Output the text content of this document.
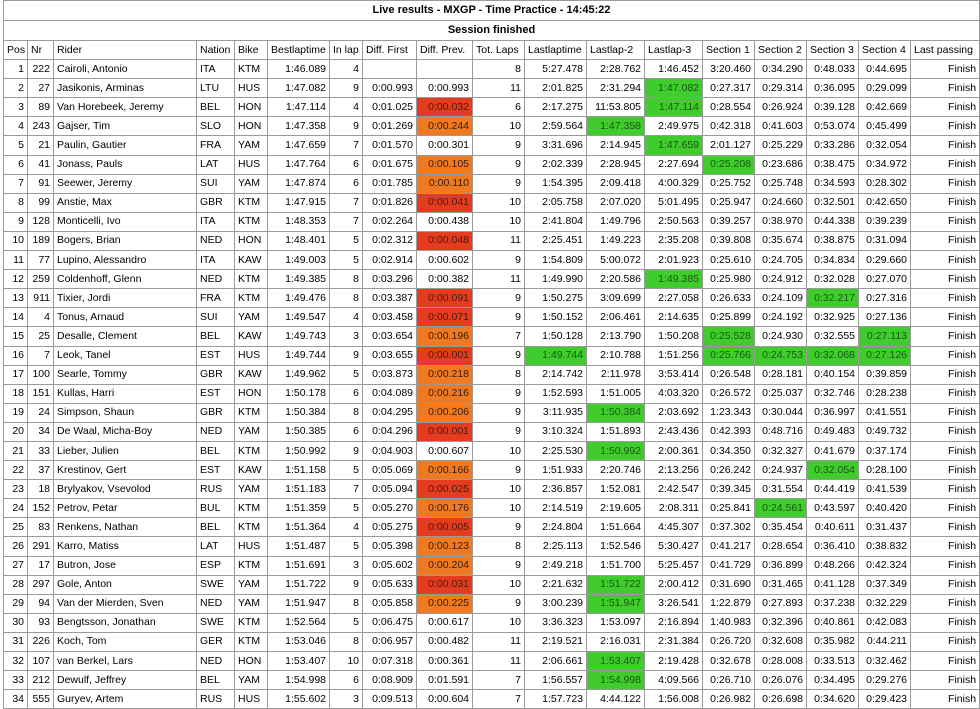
Live results - MXGP - Time Practice - 14:45:22																	
Session finished																	
Pos	Nr	Rider	Nation	Bike	Bestlaptime	In lap	Diff. First	Diff. Prev.	Tot. Laps	Lastlaptime	Lastlap-2	Lastlap-3	Section 1	Section 2	Section 3	Section 4	Last passing
1	222	Cairoli, Antonio	ITA	KTM	1:46.089	4			8	5:27.478	2:28.762	1:46.452	3:20.460	0:34.290	0:48.033	0:44.695	Finish
2	27	Jasikonis, Arminas	LTU	HUS	1:47.082	9	0:00.993	0:00.993	11	2:01.825	2:31.294	1:47.082	0:27.317	0:29.314	0:36.095	0:29.099	Finish
3	89	Van Horebeek, Jeremy	BEL	HON	1:47.114	4	0:01.025	0:00.032	6	2:17.275	11:53.805	1:47.114	0:28.554	0:26.924	0:39.128	0:42.669	Finish
4	243	Gajser, Tim	SLO	HON	1:47.358	9	0:01.269	0:00.244	10	2:59.564	1:47.358	2:49.975	0:42.318	0:41.603	0:53.074	0:45.499	Finish
5	21	Paulin, Gautier	FRA	YAM	1:47.659	7	0:01.570	0:00.301	9	3:31.696	2:14.945	1:47.659	2:01.127	0:25.229	0:33.286	0:32.054	Finish
6	41	Jonass, Pauls	LAT	HUS	1:47.764	6	0:01.675	0:00.105	9	2:02.339	2:28.945	2:27.694	0:25.208	0:23.686	0:38.475	0:34.972	Finish
7	91	Seewer, Jeremy	SUI	YAM	1:47.874	6	0:01.785	0:00.110	9	1:54.395	2:09.418	4:00.329	0:25.752	0:25.748	0:34.593	0:28.302	Finish
8	99	Anstie, Max	GBR	KTM	1:47.915	7	0:01.826	0:00.041	10	2:05.758	2:07.020	5:01.495	0:25.947	0:24.660	0:32.501	0:42.650	Finish
9	128	Monticelli, Ivo	ITA	KTM	1:48.353	7	0:02.264	0:00.438	10	2:41.804	1:49.796	2:50.563	0:39.257	0:38.970	0:44.338	0:39.239	Finish
10	189	Bogers, Brian	NED	HON	1:48.401	5	0:02.312	0:00.048	11	2:25.451	1:49.223	2:35.208	0:39.808	0:35.674	0:38.875	0:31.094	Finish
11	77	Lupino, Alessandro	ITA	KAW	1:49.003	5	0:02.914	0:00.602	9	1:54.809	5:00.072	2:01.923	0:25.610	0:24.705	0:34.834	0:29.660	Finish
12	259	Coldenhoff, Glenn	NED	KTM	1:49.385	8	0:03.296	0:00.382	11	1:49.990	2:20.586	1:49.385	0:25.980	0:24.912	0:32.028	0:27.070	Finish
13	911	Tixier, Jordi	FRA	KTM	1:49.476	8	0:03.387	0:00.091	9	1:50.275	3:09.699	2:27.058	0:26.633	0:24.109	0:32.217	0:27.316	Finish
14	4	Tonus, Arnaud	SUI	YAM	1:49.547	4	0:03.458	0:00.071	9	1:50.152	2:06.461	2:14.635	0:25.899	0:24.192	0:32.925	0:27.136	Finish
15	25	Desalle, Clement	BEL	KAW	1:49.743	3	0:03.654	0:00.196	7	1:50.128	2:13.790	1:50.208	0:25.528	0:24.930	0:32.555	0:27.113	Finish
16	7	Leok, Tanel	EST	HUS	1:49.744	9	0:03.655	0:00.001	9	1:49.744	2:10.788	1:51.256	0:25.766	0:24.753	0:32.068	0:27.126	Finish
17	100	Searle, Tommy	GBR	KAW	1:49.962	5	0:03.873	0:00.218	8	2:14.742	2:11.978	3:53.414	0:26.548	0:28.181	0:40.154	0:39.859	Finish
18	151	Kullas, Harri	EST	HON	1:50.178	6	0:04.089	0:00.216	9	1:52.593	1:51.005	4:03.320	0:26.572	0:25.037	0:32.746	0:28.238	Finish
19	24	Simpson, Shaun	GBR	KTM	1:50.384	8	0:04.295	0:00.206	9	3:11.935	1:50.384	2:03.692	1:23.343	0:30.044	0:36.997	0:41.551	Finish
20	34	De Waal, Micha-Boy	NED	YAM	1:50.385	6	0:04.296	0:00.001	9	3:10.324	1:51.893	2:43.436	0:42.393	0:48.716	0:49.483	0:49.732	Finish
21	33	Lieber, Julien	BEL	KTM	1:50.992	9	0:04.903	0:00.607	10	2:25.530	1:50.992	2:00.361	0:34.350	0:32.327	0:41.679	0:37.174	Finish
22	37	Krestinov, Gert	EST	KAW	1:51.158	5	0:05.069	0:00.166	9	1:51.933	2:20.746	2:13.256	0:26.242	0:24.937	0:32.054	0:28.100	Finish
23	18	Brylyakov, Vsevolod	RUS	YAM	1:51.183	7	0:05.094	0:00.025	10	2:36.857	1:52.081	2:42.547	0:39.345	0:31.554	0:44.419	0:41.539	Finish
24	152	Petrov, Petar	BUL	KTM	1:51.359	5	0:05.270	0:00.176	10	2:14.519	2:19.605	2:08.311	0:25.841	0:24.561	0:43.597	0:40.420	Finish
25	83	Renkens, Nathan	BEL	KTM	1:51.364	4	0:05.275	0:00.005	9	2:24.804	1:51.664	4:45.307	0:37.302	0:35.454	0:40.611	0:31.437	Finish
26	291	Karro, Matiss	LAT	HUS	1:51.487	5	0:05.398	0:00.123	8	2:25.113	1:52.546	5:30.427	0:41.217	0:28.654	0:36.410	0:38.832	Finish
27	17	Butron, Jose	ESP	KTM	1:51.691	3	0:05.602	0:00.204	9	2:49.218	1:51.700	5:25.457	0:41.729	0:36.899	0:48.266	0:42.324	Finish
28	297	Gole, Anton	SWE	YAM	1:51.722	9	0:05.633	0:00.031	10	2:21.632	1:51.722	2:00.412	0:31.690	0:31.465	0:41.128	0:37.349	Finish
29	94	Van der Mierden, Sven	NED	YAM	1:51.947	8	0:05.858	0:00.225	9	3:00.239	1:51.947	3:26.541	1:22.879	0:27.893	0:37.238	0:32.229	Finish
30	93	Bengtsson, Jonathan	SWE	KTM	1:52.564	5	0:06.475	0:00.617	10	3:36.323	1:53.097	2:16.894	1:40.983	0:32.396	0:40.861	0:42.083	Finish
31	226	Koch, Tom	GER	KTM	1:53.046	8	0:06.957	0:00.482	11	2:19.521	2:16.031	2:31.384	0:26.720	0:32.608	0:35.982	0:44.211	Finish
32	107	van Berkel, Lars	NED	HON	1:53.407	10	0:07.318	0:00.361	11	2:06.661	1:53.407	2:19.428	0:32.678	0:28.008	0:33.513	0:32.462	Finish
33	212	Dewulf, Jeffrey	BEL	YAM	1:54.998	6	0:08.909	0:01.591	7	1:56.557	1:54.998	4:09.566	0:26.710	0:26.076	0:34.495	0:29.276	Finish
34	555	Guryev, Artem	RUS	HUS	1:55.602	3	0:09.513	0:00.604	7	1:57.723	4:44.122	1:56.008	0:26.982	0:26.698	0:34.620	0:29.423	Finish
